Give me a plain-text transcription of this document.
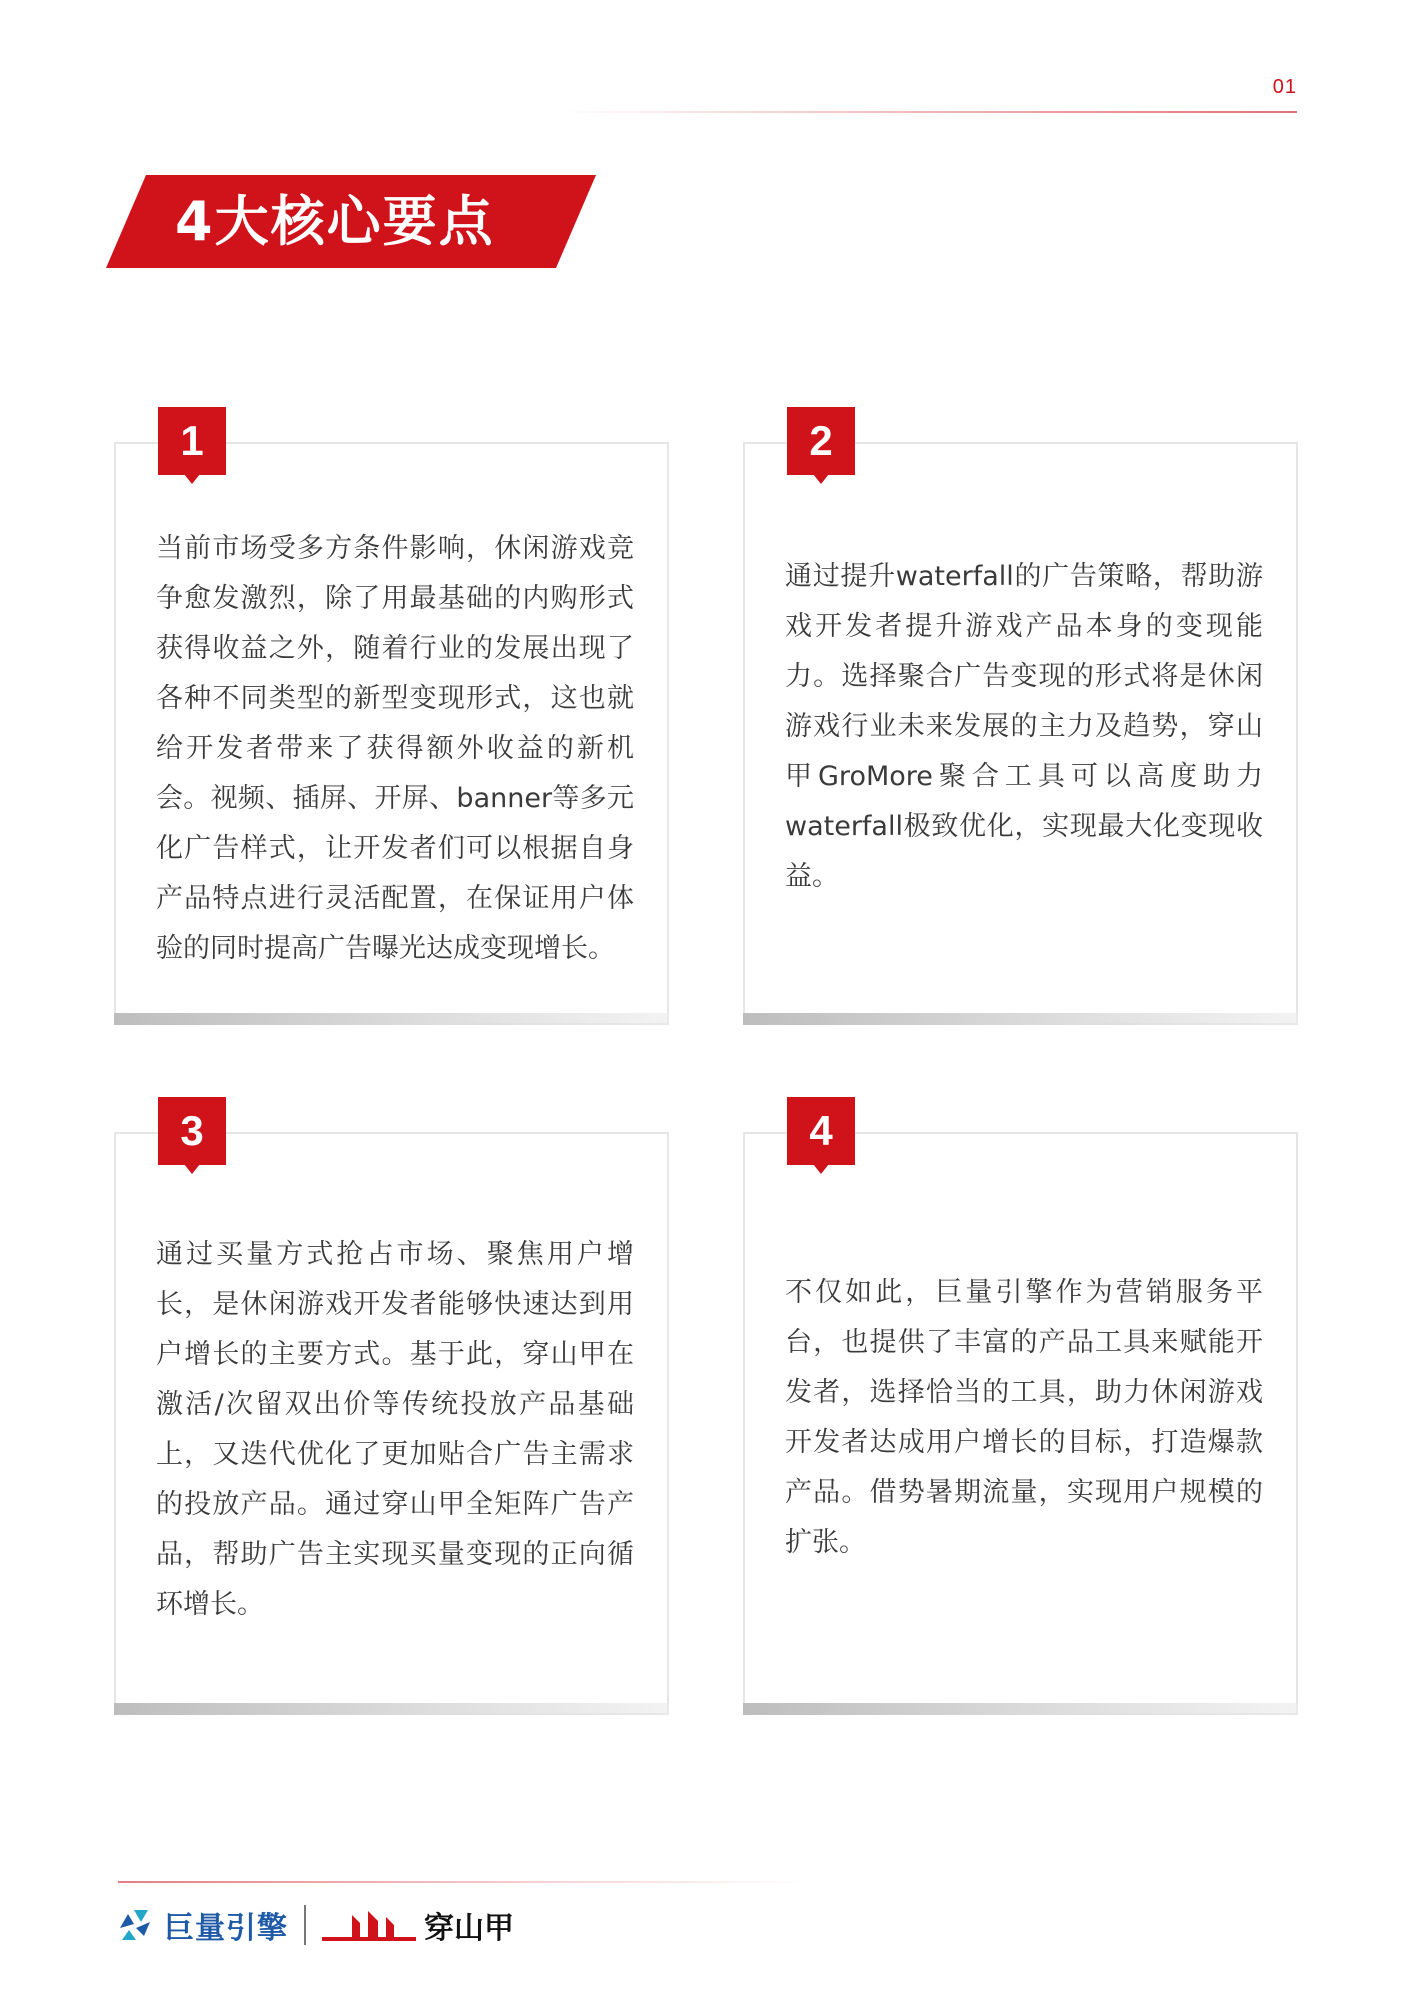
01
4大核心要点
1
当前市场受多方条件影响，休闲游戏竞争愈发激烈，除了用最基础的内购形式获得收益之外，随着行业的发展出现了各种不同类型的新型变现形式，这也就给开发者带来了获得额外收益的新机会。视频、插屏、开屏、banner等多元化广告样式，让开发者们可以根据自身产品特点进行灵活配置，在保证用户体验的同时提高广告曝光达成变现增长。
2
通过提升waterfall的广告策略，帮助游戏开发者提升游戏产品本身的变现能力。选择聚合广告变现的形式将是休闲游戏行业未来发展的主力及趋势，穿山甲GroMore聚合工具可以高度助力waterfall极致优化，实现最大化变现收益。
3
通过买量方式抢占市场、聚焦用户增长，是休闲游戏开发者能够快速达到用户增长的主要方式。基于此，穿山甲在激活/次留双出价等传统投放产品基础上，又迭代优化了更加贴合广告主需求的投放产品。通过穿山甲全矩阵广告产品，帮助广告主实现买量变现的正向循环增长。
4
不仅如此，巨量引擎作为营销服务平台，也提供了丰富的产品工具来赋能开发者，选择恰当的工具，助力休闲游戏开发者达成用户增长的目标，打造爆款产品。借势暑期流量，实现用户规模的扩张。
巨量引擎	穿山甲
